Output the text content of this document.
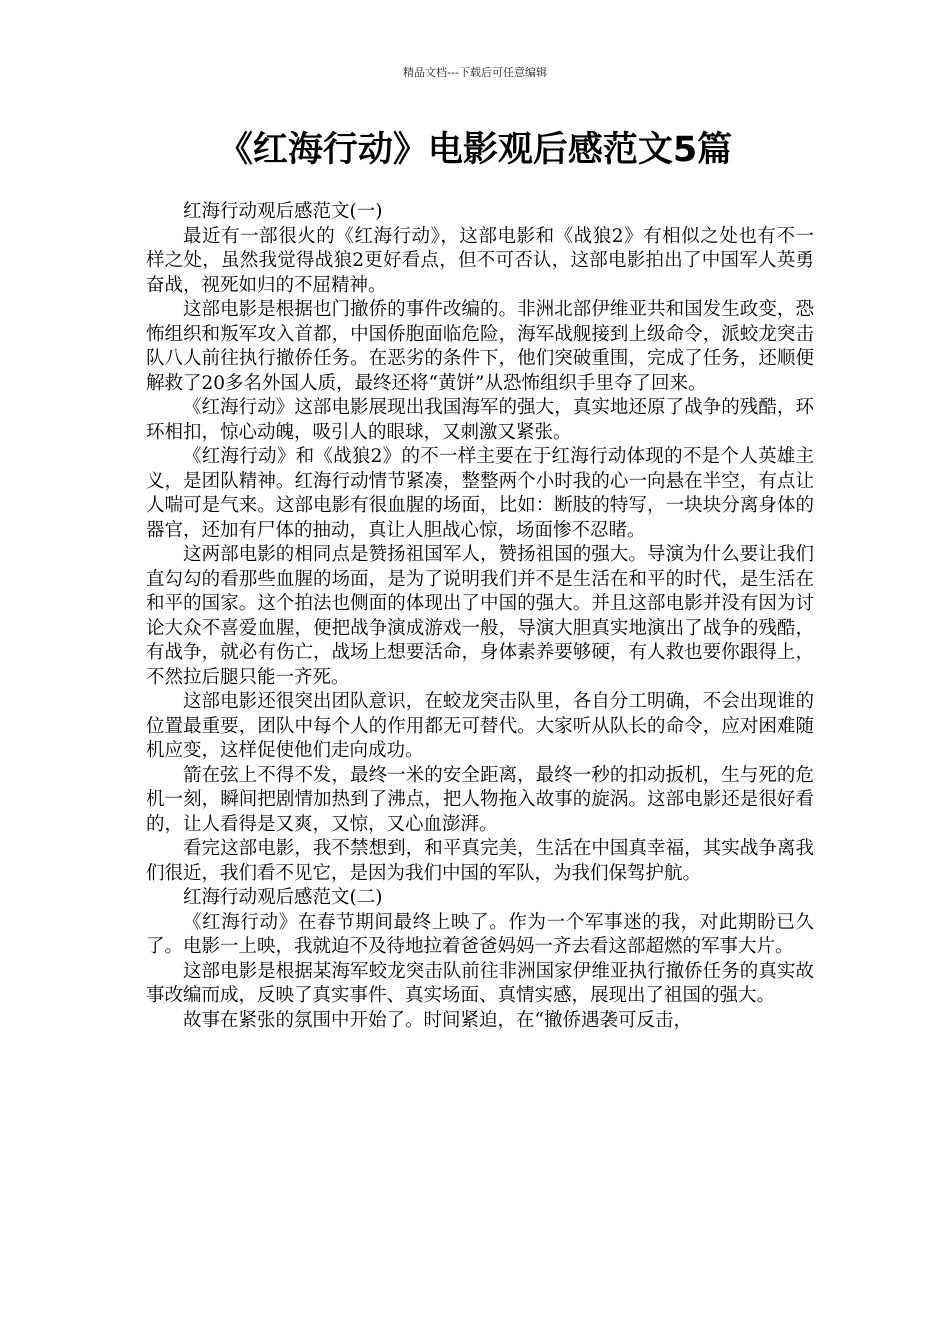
精品文档---下载后可任意编辑
《红海行动》电影观后感范文5篇

红海行动观后感范文(一)

最近有一部很火的《红海行动》，这部电影和《战狼2》有相似之处也有不一样之处，虽然我觉得战狼2更好看点，但不可否认，这部电影拍出了中国军人英勇奋战，视死如归的不屈精神。

这部电影是根据也门撤侨的事件改编的。非洲北部伊维亚共和国发生政变，恐怖组织和叛军攻入首都，中国侨胞面临危险，海军战舰接到上级命令，派蛟龙突击队八人前往执行撤侨任务。在恶劣的条件下，他们突破重围，完成了任务，还顺便解救了20多名外国人质，最终还将“黄饼”从恐怖组织手里夺了回来。

《红海行动》这部电影展现出我国海军的强大，真实地还原了战争的残酷，环环相扣，惊心动魄，吸引人的眼球，又刺激又紧张。

《红海行动》和《战狼2》的不一样主要在于红海行动体现的不是个人英雄主义，是团队精神。红海行动情节紧凑，整整两个小时我的心一向悬在半空，有点让人喘可是气来。这部电影有很血腥的场面，比如：断肢的特写，一块块分离身体的器官，还加有尸体的抽动，真让人胆战心惊，场面惨不忍睹。

这两部电影的相同点是赞扬祖国军人，赞扬祖国的强大。导演为什么要让我们直勾勾的看那些血腥的场面，是为了说明我们并不是生活在和平的时代，是生活在和平的国家。这个拍法也侧面的体现出了中国的强大。并且这部电影并没有因为讨论大众不喜爱血腥，便把战争演成游戏一般，导演大胆真实地演出了战争的残酷，有战争，就必有伤亡，战场上想要活命，身体素养要够硬，有人救也要你跟得上，不然拉后腿只能一齐死。

这部电影还很突出团队意识，在蛟龙突击队里，各自分工明确，不会出现谁的位置最重要，团队中每个人的作用都无可替代。大家听从队长的命令，应对困难随机应变，这样促使他们走向成功。

箭在弦上不得不发，最终一米的安全距离，最终一秒的扣动扳机，生与死的危机一刻，瞬间把剧情加热到了沸点，把人物拖入故事的旋涡。这部电影还是很好看的，让人看得是又爽，又惊，又心血澎湃。

看完这部电影，我不禁想到，和平真完美，生活在中国真幸福，其实战争离我们很近，我们看不见它，是因为我们中国的军队，为我们保驾护航。

红海行动观后感范文(二)

《红海行动》在春节期间最终上映了。作为一个军事迷的我，对此期盼已久了。电影一上映，我就迫不及待地拉着爸爸妈妈一齐去看这部超燃的军事大片。

这部电影是根据某海军蛟龙突击队前往非洲国家伊维亚执行撤侨任务的真实故事改编而成，反映了真实事件、真实场面、真情实感，展现出了祖国的强大。

故事在紧张的氛围中开始了。时间紧迫，在“撤侨遇袭可反击，
